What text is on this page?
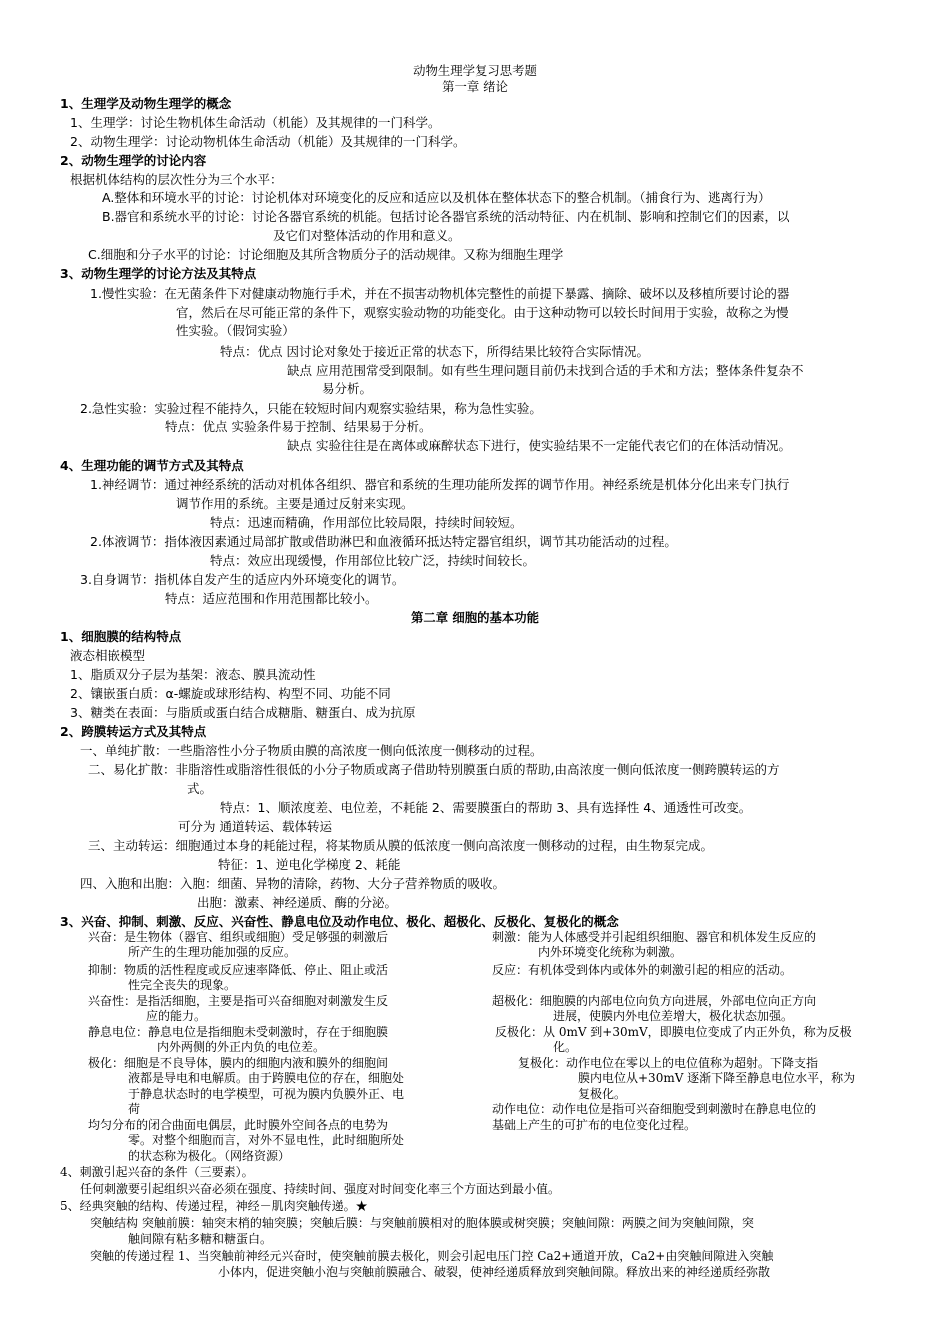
动物生理学复习思考题
第一章 绪论
1、生理学及动物生理学的概念
1、生理学：讨论生物机体生命活动（机能）及其规律的一门科学。
2、动物生理学：讨论动物机体生命活动（机能）及其规律的一门科学。
2、动物生理学的讨论内容
根据机体结构的层次性分为三个水平：
A.整体和环境水平的讨论：讨论机体对环境变化的反应和适应以及机体在整体状态下的整合机制。（捕食行为、逃离行为）
B.器官和系统水平的讨论：讨论各器官系统的机能。包括讨论各器官系统的活动特征、内在机制、影响和控制它们的因素，以
及它们对整体活动的作用和意义。
C.细胞和分子水平的讨论：讨论细胞及其所含物质分子的活动规律。又称为细胞生理学
3、动物生理学的讨论方法及其特点
1.慢性实验：在无菌条件下对健康动物施行手术，并在不损害动物机体完整性的前提下暴露、摘除、破坏以及移植所要讨论的器
官，然后在尽可能正常的条件下，观察实验动物的功能变化。由于这种动物可以较长时间用于实验，故称之为慢
性实验。（假饲实验）
特点：优点 因讨论对象处于接近正常的状态下，所得结果比较符合实际情况。
缺点 应用范围常受到限制。如有些生理问题目前仍未找到合适的手术和方法；整体条件复杂不
易分析。
2.急性实验：实验过程不能持久，只能在较短时间内观察实验结果，称为急性实验。
特点：优点 实验条件易于控制、结果易于分析。
缺点 实验往往是在离体或麻醉状态下进行，使实验结果不一定能代表它们的在体活动情况。
4、生理功能的调节方式及其特点
1.神经调节：通过神经系统的活动对机体各组织、器官和系统的生理功能所发挥的调节作用。神经系统是机体分化出来专门执行
调节作用的系统。主要是通过反射来实现。
特点：迅速而精确，作用部位比较局限，持续时间较短。
2.体液调节：指体液因素通过局部扩散或借助淋巴和血液循环抵达特定器官组织，调节其功能活动的过程。
特点：效应出现缓慢，作用部位比较广泛，持续时间较长。
3.自身调节：指机体自发产生的适应内外环境变化的调节。
特点：适应范围和作用范围都比较小。
第二章 细胞的基本功能
1、细胞膜的结构特点
液态相嵌模型
1、脂质双分子层为基架：液态、膜具流动性
2、镶嵌蛋白质：α-螺旋或球形结构、构型不同、功能不同
3、糖类在表面：与脂质或蛋白结合成糖脂、糖蛋白、成为抗原
2、跨膜转运方式及其特点
一、单纯扩散：一些脂溶性小分子物质由膜的高浓度一侧向低浓度一侧移动的过程。
二、易化扩散：非脂溶性或脂溶性很低的小分子物质或离子借助特别膜蛋白质的帮助,由高浓度一侧向低浓度一侧跨膜转运的方
式。
特点：1、顺浓度差、电位差，不耗能 2、需要膜蛋白的帮助 3、具有选择性 4、通透性可改变。
可分为 通道转运、载体转运
三、主动转运：细胞通过本身的耗能过程，将某物质从膜的低浓度一侧向高浓度一侧移动的过程，由生物泵完成。
特征：1、逆电化学梯度 2、耗能
四、入胞和出胞：入胞：细菌、异物的清除，药物、大分子营养物质的吸收。
出胞：激素、神经递质、酶的分泌。
3、兴奋、抑制、刺激、反应、兴奋性、静息电位及动作电位、极化、超极化、反极化、复极化的概念
兴奋：是生物体（器官、组织或细胞）受足够强的刺激后
所产生的生理功能加强的反应。
抑制：物质的活性程度或反应速率降低、停止、阻止或活
性完全丧失的现象。
兴奋性：是指活细胞，主要是指可兴奋细胞对刺激发生反
应的能力。
静息电位：静息电位是指细胞未受刺激时，存在于细胞膜
内外两侧的外正内负的电位差。
极化：细胞是不良导体，膜内的细胞内液和膜外的细胞间
液都是导电和电解质。由于跨膜电位的存在，细胞处
于静息状态时的电学模型，可视为膜内负膜外正、电
荷
均匀分布的闭合曲面电偶层，此时膜外空间各点的电势为
零。对整个细胞而言，对外不显电性，此时细胞所处
的状态称为极化。（网络资源）
刺激：能为人体感受并引起组织细胞、器官和机体发生反应的
内外环境变化统称为刺激。
反应：有机体受到体内或体外的刺激引起的相应的活动。
超极化：细胞膜的内部电位向负方向进展，外部电位向正方向
进展，使膜内外电位差增大，极化状态加强。
反极化：从 0mV 到+30mV，即膜电位变成了内正外负，称为反极
化。
复极化：动作电位在零以上的电位值称为超射。下降支指
膜内电位从+30mV 逐渐下降至静息电位水平，称为
复极化。
动作电位：动作电位是指可兴奋细胞受到刺激时在静息电位的
基础上产生的可扩布的电位变化过程。
4、刺激引起兴奋的条件（三要素）。
任何刺激要引起组织兴奋必须在强度、持续时间、强度对时间变化率三个方面达到最小值。
5、经典突触的结构、传递过程，神经－肌肉突触传递。★
突触结构 突触前膜：轴突末梢的轴突膜；突触后膜：与突触前膜相对的胞体膜或树突膜；突触间隙：两膜之间为突触间隙，突
触间隙有粘多糖和糖蛋白。
突触的传递过程 1、当突触前神经元兴奋时，使突触前膜去极化，则会引起电压门控 Ca2+通道开放，Ca2+由突触间隙进入突触
小体内，促进突触小泡与突触前膜融合、破裂，使神经递质释放到突触间隙。释放出来的神经递质经弥散
